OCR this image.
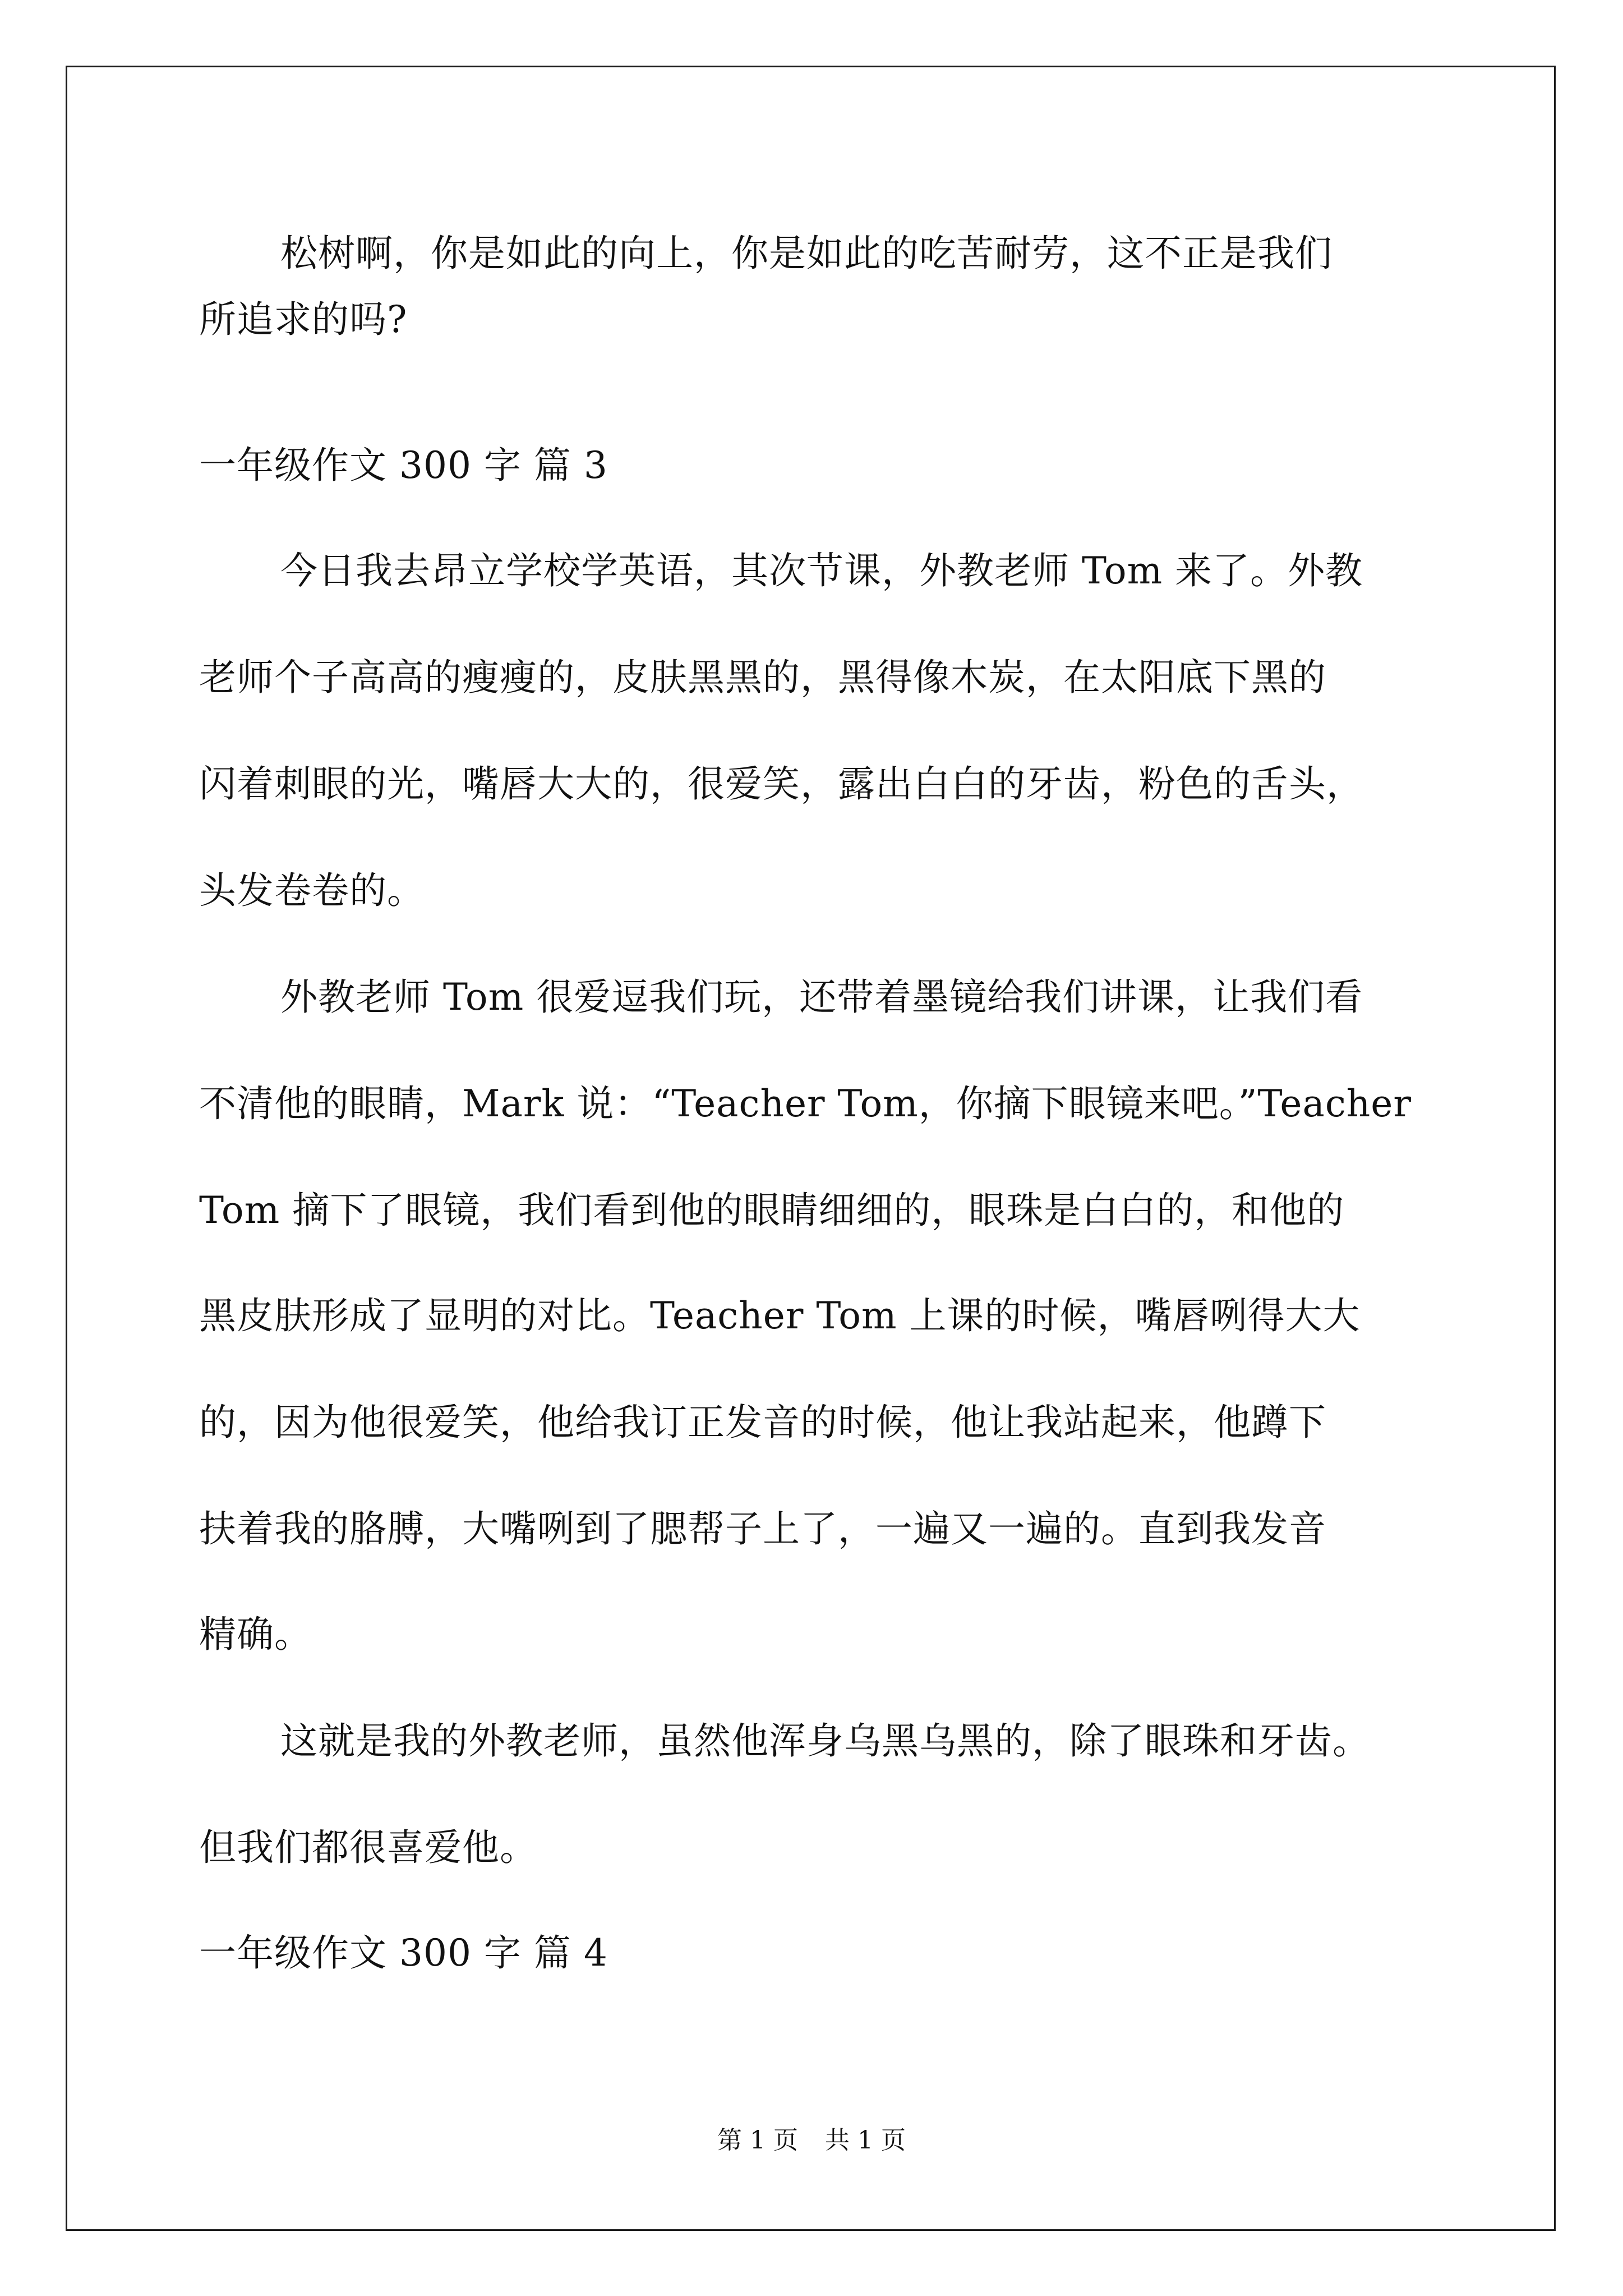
松树啊，你是如此的向上，你是如此的吃苦耐劳，这不正是我们
所追求的吗?
一年级作文 300 字 篇 3
今日我去昂立学校学英语，其次节课，外教老师 Tom 来了。外教
老师个子高高的瘦瘦的，皮肤黑黑的，黑得像木炭，在太阳底下黑的
闪着刺眼的光，嘴唇大大的，很爱笑，露出白白的牙齿，粉色的舌头，
头发卷卷的。
外教老师 Tom 很爱逗我们玩，还带着墨镜给我们讲课，让我们看
不清他的眼睛，Mark 说：“Teacher Tom，你摘下眼镜来吧。”Teacher
Tom 摘下了眼镜，我们看到他的眼睛细细的，眼珠是白白的，和他的
黑皮肤形成了显明的对比。Teacher Tom 上课的时候，嘴唇咧得大大
的，因为他很爱笑，他给我订正发音的时候，他让我站起来，他蹲下
扶着我的胳膊，大嘴咧到了腮帮子上了，一遍又一遍的。直到我发音
精确。
这就是我的外教老师，虽然他浑身乌黑乌黑的，除了眼珠和牙齿。
但我们都很喜爱他。
一年级作文 300 字 篇 4
第 1 页 共 1 页
